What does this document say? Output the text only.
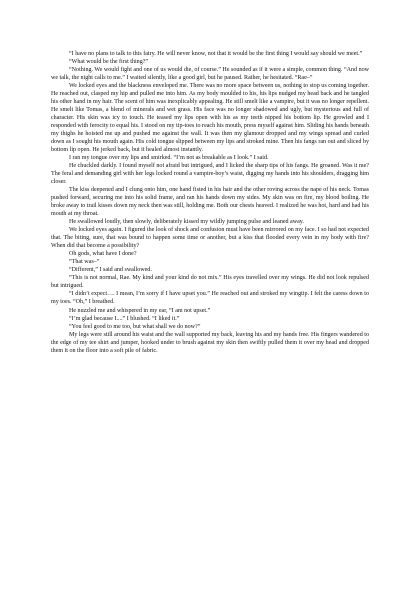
“I have no plans to talk to this fairy. He will never know, not that it would be the first thing I would say should we meet.”

“What would be the first thing?”

“Nothing. We would fight and one of us would die, of course.” He sounded as if it were a simple, common thing. “And now we talk, the night calls to me.” I waited silently, like a good girl, but he paused. Rather, he hesitated. “Rae–”

We locked eyes and the blackness enveloped me. There was no more space between us, nothing to stop us coming together. He reached out, clasped my hip and pulled me into him. As my body moulded to his, his lips nudged my head back and he tangled his other hand in my hair. The scent of him was inexplicably appealing. He still smelt like a vampire, but it was no longer repellent. He smelt like Tomas, a blend of minerals and wet grass. His face was no longer shadowed and ugly, but mysterious and full of character. His skin was icy to touch. He teased my lips open with his as my teeth nipped his bottom lip. He growled and I responded with ferocity to equal his. I stood on my tip-toes to reach his mouth, press myself against him. Sliding his hands beneath my thighs he hoisted me up and pushed me against the wall. It was then my glamour dropped and my wings spread and curled down as I sought his mouth again. His cold tongue slipped between my lips and stroked mine. Then his fangs ran out and sliced by bottom lip open. He jerked back, but it healed almost instantly.

I ran my tongue over my lips and smirked. “I’m not as breakable as I look.” I said.

He chuckled darkly. I found myself not afraid but intrigued, and I licked the sharp tips of his fangs. He groaned. Was it me? The feral and demanding girl with her legs locked round a vampire-boy’s waist, digging my hands into his shoulders, dragging him closer.

The kiss deepened and I clung onto him, one hand fisted in his hair and the other roving across the nape of his neck. Tomas pushed forward, securing me into his solid frame, and ran his hands down my sides. My skin was on fire, my blood boiling. He broke away to trail kisses down my neck then was still, holding me. Both our chests heaved. I realized he was hot, hard and had his mouth at my throat.

He swallowed loudly, then slowly, deliberately kissed my wildly jumping pulse and leaned away.

We locked eyes again. I figured the look of shock and confusion must have been mirrored on my face. I so had not expected that. The biting, sure, that was bound to happen some time or another, but a kiss that flooded every vein in my body with fire? When did that become a possibility?

Oh gods, what have I done?

“That was–”

“Different,” I said and swallowed.

“This is not normal, Rae. My kind and your kind do not mix.” His eyes travelled over my wings. He did not look repulsed but intrigued.

“I didn’t expect…. I mean, I’m sorry if I have upset you.” He reached out and stroked my wingtip. I felt the caress down to my toes. “Oh,” I breathed.

He nuzzled me and whispered in my ear, “I am not upset.”

“I’m glad because I....” I blushed. “I liked it.”

“You feel good to me too, but what shall we do now?”

My legs were still around his waist and the wall supported my back, leaving his and my hands free. His fingers wandered to the edge of my tee shirt and jumper, hooked under to brush against my skin then swiftly pulled them it over my head and dropped them it on the floor into a soft pile of fabric.
